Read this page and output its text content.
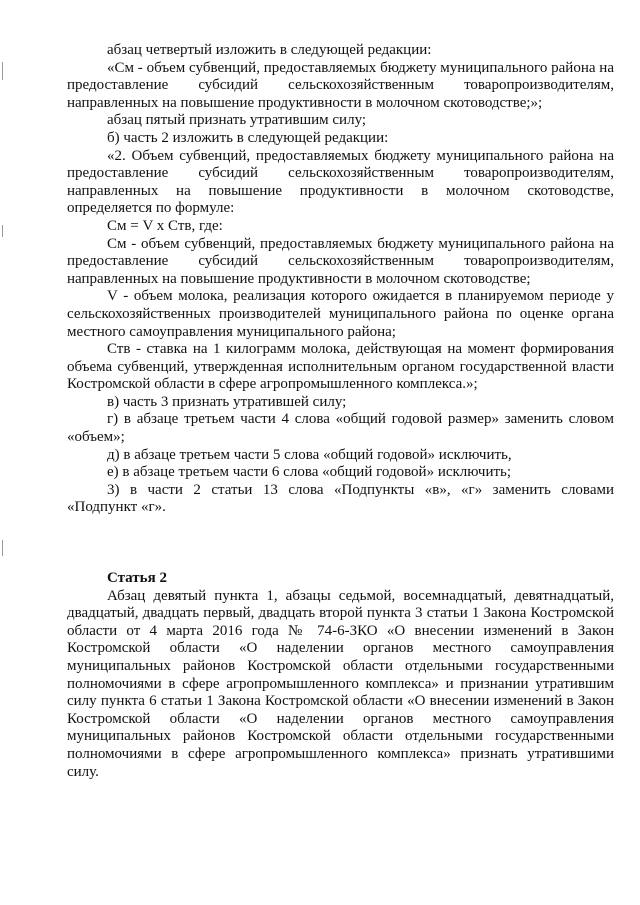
абзац четвертый изложить в следующей редакции:

«См - объем субвенций, предоставляемых бюджету муниципального района на предоставление субсидий сельскохозяйственным товаропроизводителям, направленных на повышение продуктивности в молочном скотоводстве;»;

абзац пятый признать утратившим силу;

б) часть 2 изложить в следующей редакции:

«2. Объем субвенций, предоставляемых бюджету муниципального района на предоставление субсидий сельскохозяйственным товаропроизводителям, направленных на повышение продуктивности в молочном скотоводстве, определяется по формуле:

См = V x Ств, где:

См - объем субвенций, предоставляемых бюджету муниципального района на предоставление субсидий сельскохозяйственным товаропроизводителям, направленных на повышение продуктивности в молочном скотоводстве;

V - объем молока, реализация которого ожидается в планируемом периоде у сельскохозяйственных производителей муниципального района по оценке органа местного самоуправления муниципального района;

Ств - ставка на 1 килограмм молока, действующая на момент формирования объема субвенций, утвержденная исполнительным органом государственной власти Костромской области в сфере агропромышленного комплекса.»;

в) часть 3 признать утратившей силу;

г) в абзаце третьем части 4 слова «общий годовой размер» заменить словом «объем»;

д) в абзаце третьем части 5 слова «общий годовой» исключить,

е) в абзаце третьем части 6 слова «общий годовой» исключить;

3) в части 2 статьи 13 слова «Подпункты «в», «г» заменить словами «Подпункт «г».

Статья 2

Абзац девятый пункта 1, абзацы седьмой, восемнадцатый, девятнадцатый, двадцатый, двадцать первый, двадцать второй пункта 3 статьи 1 Закона Костромской области от 4 марта 2016 года № 74-6-ЗКО «О внесении изменений в Закон Костромской области «О наделении органов местного самоуправления муниципальных районов Костромской области отдельными государственными полномочиями в сфере агропромышленного комплекса» и признании утратившим силу пункта 6 статьи 1 Закона Костромской области «О внесении изменений в Закон Костромской области «О наделении органов местного самоуправления муниципальных районов Костромской области отдельными государственными полномочиями в сфере агропромышленного комплекса» признать утратившими силу.
